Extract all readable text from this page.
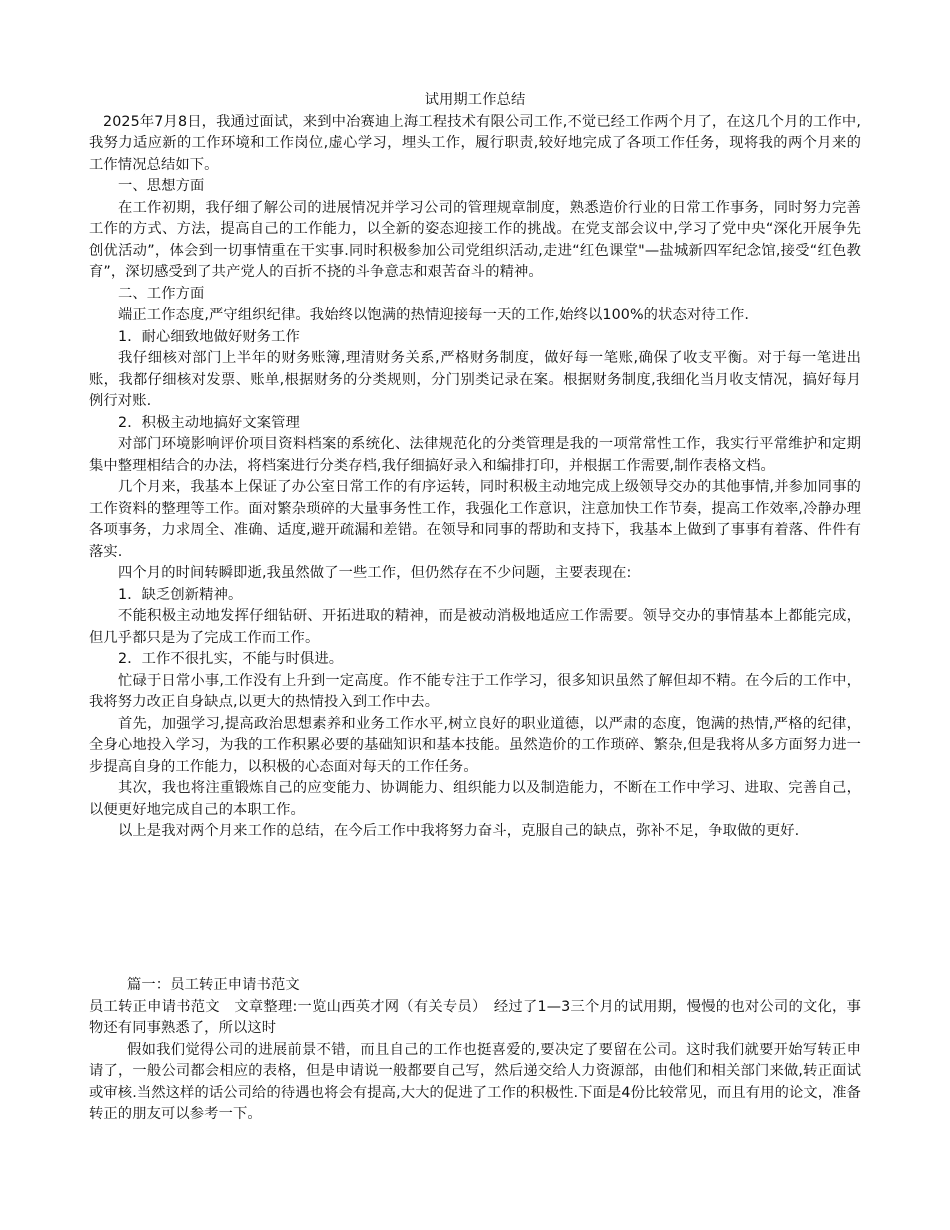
试用期工作总结

2025年7月8日，我通过面试，来到中冶赛迪上海工程技术有限公司工作,不觉已经工作两个月了，在这几个月的工作中,我努力适应新的工作环境和工作岗位,虚心学习，埋头工作，履行职责,较好地完成了各项工作任务，现将我的两个月来的工作情况总结如下。

一、思想方面

在工作初期，我仔细了解公司的进展情况并学习公司的管理规章制度，熟悉造价行业的日常工作事务，同时努力完善工作的方式、方法，提高自己的工作能力，以全新的姿态迎接工作的挑战。在党支部会议中,学习了党中央“深化开展争先创优活动”，体会到一切事情重在干实事.同时积极参加公司党组织活动,走进“红色课堂"—盐城新四军纪念馆,接受“红色教育”，深切感受到了共产党人的百折不挠的斗争意志和艰苦奋斗的精神。

二、工作方面

端正工作态度,严守组织纪律。我始终以饱满的热情迎接每一天的工作,始终以100%的状态对待工作.

1．耐心细致地做好财务工作

我仔细核对部门上半年的财务账簿,理清财务关系,严格财务制度，做好每一笔账,确保了收支平衡。对于每一笔进出账，我都仔细核对发票、账单,根据财务的分类规则，分门别类记录在案。根据财务制度,我细化当月收支情况，搞好每月例行对账.

2．积极主动地搞好文案管理

对部门环境影响评价项目资料档案的系统化、法律规范化的分类管理是我的一项常常性工作，我实行平常维护和定期集中整理相结合的办法，将档案进行分类存档,我仔细搞好录入和编排打印，并根据工作需要,制作表格文档。

几个月来，我基本上保证了办公室日常工作的有序运转，同时积极主动地完成上级领导交办的其他事情,并参加同事的工作资料的整理等工作。面对繁杂琐碎的大量事务性工作，我强化工作意识，注意加快工作节奏，提高工作效率,冷静办理各项事务，力求周全、准确、适度,避开疏漏和差错。在领导和同事的帮助和支持下，我基本上做到了事事有着落、件件有落实.

四个月的时间转瞬即逝,我虽然做了一些工作，但仍然存在不少问题，主要表现在:

1．缺乏创新精神。

不能积极主动地发挥仔细钻研、开拓进取的精神，而是被动消极地适应工作需要。领导交办的事情基本上都能完成，但几乎都只是为了完成工作而工作。

2．工作不很扎实，不能与时俱进。

忙碌于日常小事,工作没有上升到一定高度。作不能专注于工作学习，很多知识虽然了解但却不精。在今后的工作中，我将努力改正自身缺点,以更大的热情投入到工作中去。

首先，加强学习,提高政治思想素养和业务工作水平,树立良好的职业道德，以严肃的态度，饱满的热情,严格的纪律，全身心地投入学习，为我的工作积累必要的基础知识和基本技能。虽然造价的工作琐碎、繁杂,但是我将从多方面努力进一步提高自身的工作能力，以积极的心态面对每天的工作任务。

其次，我也将注重锻炼自己的应变能力、协调能力、组织能力以及制造能力，不断在工作中学习、进取、完善自己，以便更好地完成自己的本职工作。

以上是我对两个月来工作的总结，在今后工作中我将努力奋斗，克服自己的缺点，弥补不足，争取做的更好.

篇一：员工转正申请书范文

员工转正申请书范文　文章整理:一览山西英才网（有关专员）　经过了1—3三个月的试用期，慢慢的也对公司的文化，事物还有同事熟悉了，所以这时

假如我们觉得公司的进展前景不错，而且自己的工作也挺喜爱的,要决定了要留在公司。这时我们就要开始写转正申请了，一般公司都会相应的表格，但是申请说一般都要自己写，然后递交给人力资源部，由他们和相关部门来做,转正面试或审核.当然这样的话公司给的待遇也将会有提高,大大的促进了工作的积极性.下面是4份比较常见，而且有用的论文，准备转正的朋友可以参考一下。
